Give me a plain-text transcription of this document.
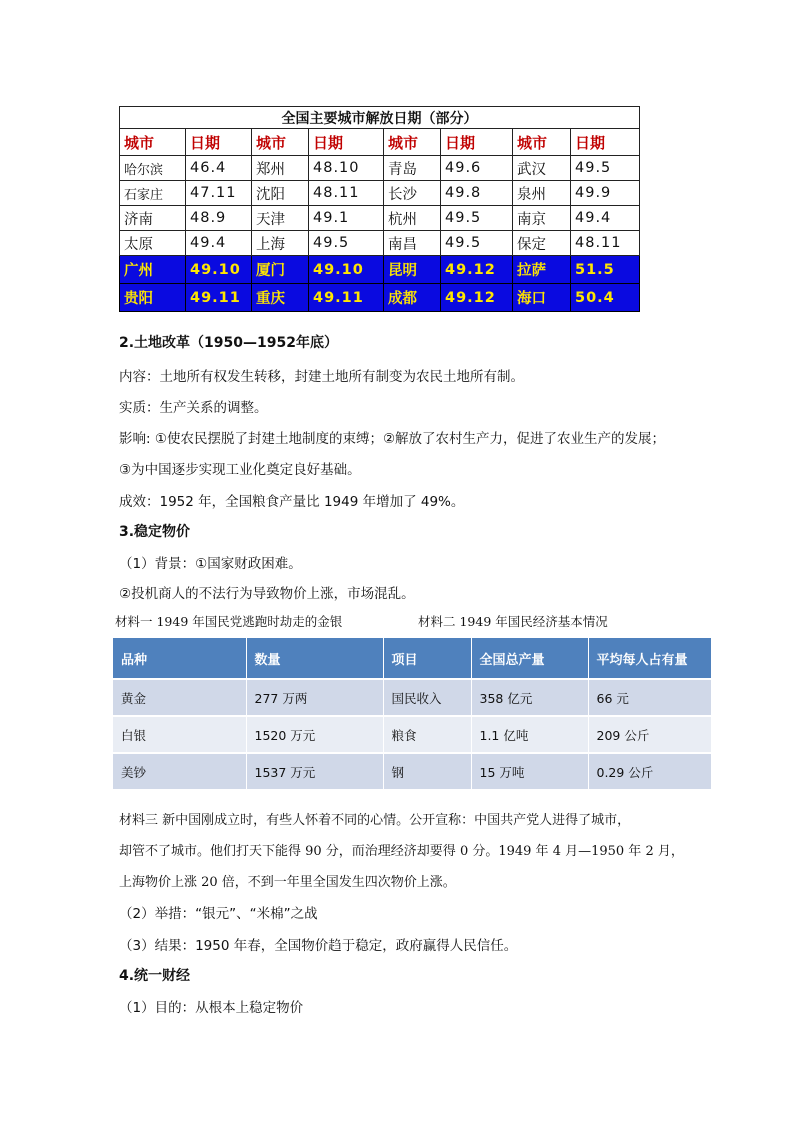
全国主要城市解放日期（部分）							
城市	日期	城市	日期	城市	日期	城市	日期
哈尔滨	46.4	郑州	48.10	青岛	49.6	武汉	49.5
石家庄	47.11	沈阳	48.11	长沙	49.8	泉州	49.9
济南	48.9	天津	49.1	杭州	49.5	南京	49.4
太原	49.4	上海	49.5	南昌	49.5	保定	48.11
广州	49.10	厦门	49.10	昆明	49.12	拉萨	51.5
贵阳	49.11	重庆	49.11	成都	49.12	海口	50.4
2.土地改革（1950—1952年底）
内容：土地所有权发生转移，封建土地所有制变为农民土地所有制。
实质：生产关系的调整。
影响: ①使农民摆脱了封建土地制度的束缚；②解放了农村生产力，促进了农业生产的发展；
③为中国逐步实现工业化奠定良好基础。
成效：1952 年，全国粮食产量比 1949 年增加了 49%。
3.稳定物价
（1）背景：①国家财政困难。
②投机商人的不法行为导致物价上涨，市场混乱。
材料一 1949 年国民党逃跑时劫走的金银	材料二 1949 年国民经济基本情况
品种	数量	项目	全国总产量	平均每人占有量
黄金	277 万两	国民收入	358 亿元	66 元
白银	1520 万元	粮食	1.1 亿吨	209 公斤
美钞	1537 万元	钢	15 万吨	0.29 公斤
材料三 新中国刚成立时，有些人怀着不同的心情。公开宣称：中国共产党人进得了城市，
却管不了城市。他们打天下能得 90 分，而治理经济却要得 0 分。1949 年 4 月—1950 年 2 月，
上海物价上涨 20 倍，不到一年里全国发生四次物价上涨。
（2）举措：“银元”、“米棉”之战
（3）结果：1950 年春，全国物价趋于稳定，政府赢得人民信任。
4.统一财经
（1）目的：从根本上稳定物价
